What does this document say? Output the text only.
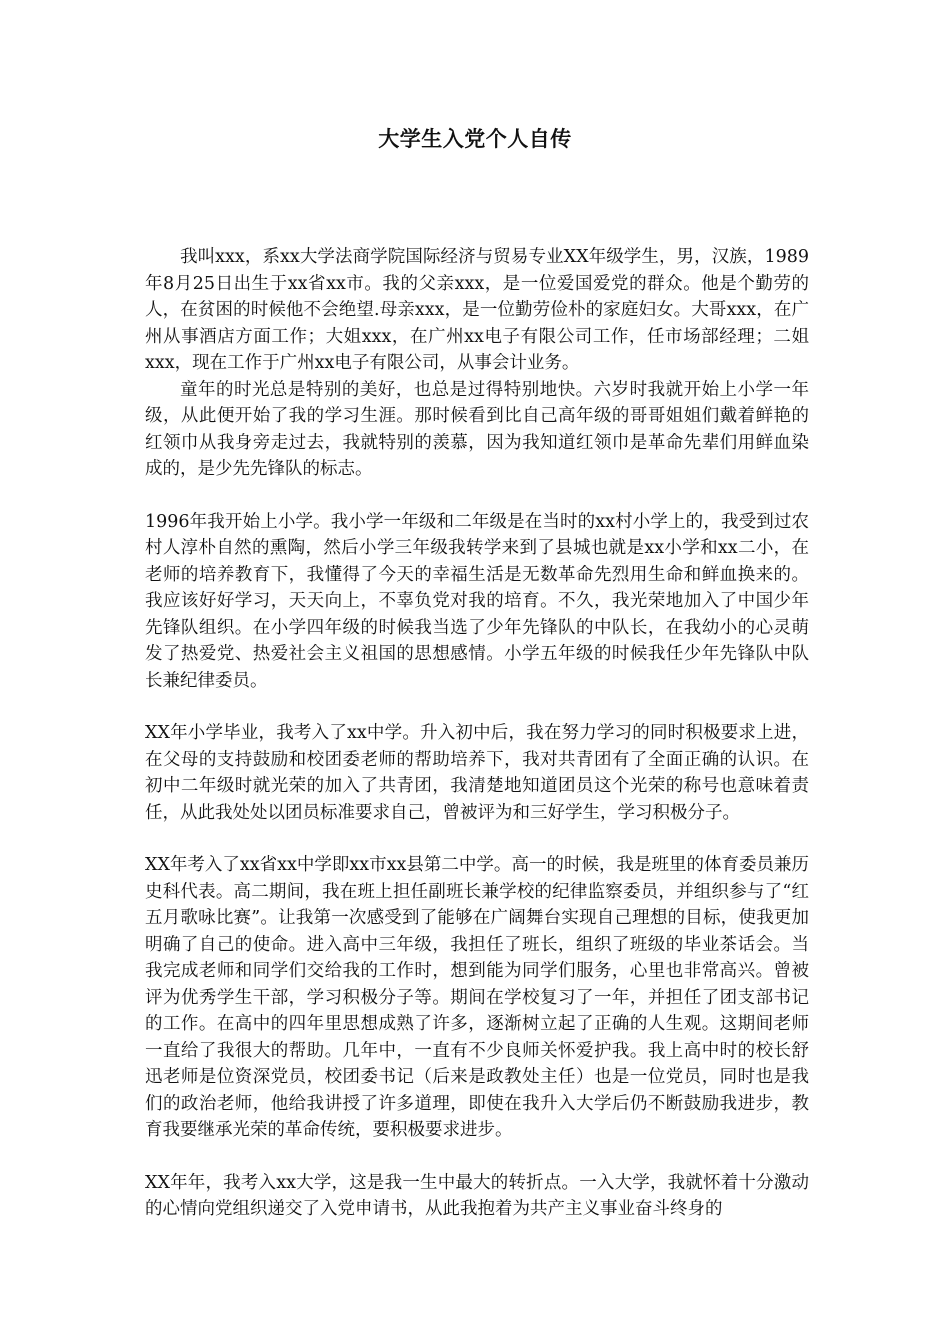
大学生入党个人自传

我叫xxx，系xx大学法商学院国际经济与贸易专业XX年级学生，男，汉族，1989年8月25日出生于xx省xx市。我的父亲xxx，是一位爱国爱党的群众。他是个勤劳的人，在贫困的时候他不会绝望.母亲xxx，是一位勤劳俭朴的家庭妇女。大哥xxx，在广州从事酒店方面工作；大姐xxx，在广州xx电子有限公司工作，任市场部经理；二姐xxx，现在工作于广州xx电子有限公司，从事会计业务。

童年的时光总是特别的美好，也总是过得特别地快。六岁时我就开始上小学一年级，从此便开始了我的学习生涯。那时候看到比自己高年级的哥哥姐姐们戴着鲜艳的红领巾从我身旁走过去，我就特别的羡慕，因为我知道红领巾是革命先辈们用鲜血染成的，是少先先锋队的标志。

1996年我开始上小学。我小学一年级和二年级是在当时的xx村小学上的，我受到过农村人淳朴自然的熏陶，然后小学三年级我转学来到了县城也就是xx小学和xx二小，在老师的培养教育下，我懂得了今天的幸福生活是无数革命先烈用生命和鲜血换来的。我应该好好学习，天天向上，不辜负党对我的培育。不久，我光荣地加入了中国少年先锋队组织。在小学四年级的时候我当选了少年先锋队的中队长，在我幼小的心灵萌发了热爱党、热爱社会主义祖国的思想感情。小学五年级的时候我任少年先锋队中队长兼纪律委员。

XX年小学毕业，我考入了xx中学。升入初中后，我在努力学习的同时积极要求上进，在父母的支持鼓励和校团委老师的帮助培养下，我对共青团有了全面正确的认识。在初中二年级时就光荣的加入了共青团，我清楚地知道团员这个光荣的称号也意味着责任，从此我处处以团员标准要求自己，曾被评为和三好学生，学习积极分子。

XX年考入了xx省xx中学即xx市xx县第二中学。高一的时候，我是班里的体育委员兼历史科代表。高二期间，我在班上担任副班长兼学校的纪律监察委员，并组织参与了“红五月歌咏比赛”。让我第一次感受到了能够在广阔舞台实现自己理想的目标，使我更加明确了自己的使命。进入高中三年级，我担任了班长，组织了班级的毕业茶话会。当我完成老师和同学们交给我的工作时，想到能为同学们服务，心里也非常高兴。曾被评为优秀学生干部，学习积极分子等。期间在学校复习了一年，并担任了团支部书记的工作。在高中的四年里思想成熟了许多，逐渐树立起了正确的人生观。这期间老师一直给了我很大的帮助。几年中，一直有不少良师关怀爱护我。我上高中时的校长舒迅老师是位资深党员，校团委书记（后来是政教处主任）也是一位党员，同时也是我们的政治老师，他给我讲授了许多道理，即使在我升入大学后仍不断鼓励我进步，教育我要继承光荣的革命传统，要积极要求进步。

XX年年，我考入xx大学，这是我一生中最大的转折点。一入大学，我就怀着十分激动的心情向党组织递交了入党申请书，从此我抱着为共产主义事业奋斗终身的
